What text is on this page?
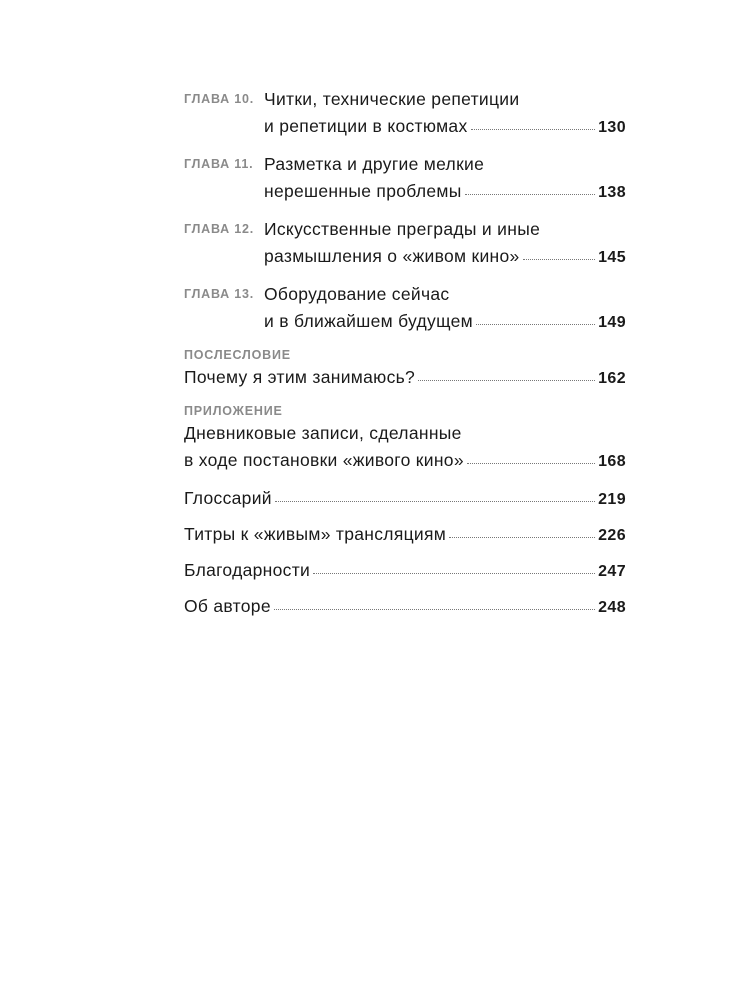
ГЛАВА 10. Читки, технические репетиции
и репетиции в костюмах	130
ГЛАВА 11. Разметка и другие мелкие
нерешенные проблемы	138
ГЛАВА 12. Искусственные преграды и иные
размышления о «живом кино»	145
ГЛАВА 13. Оборудование сейчас
и в ближайшем будущем	149
ПОСЛЕСЛОВИЕ
Почему я этим занимаюсь?	162
ПРИЛОЖЕНИЕ
Дневниковые записи, сделанные
в ходе постановки «живого кино»	168
Глоссарий	219
Титры к «живым» трансляциям	226
Благодарности	247
Об авторе	248
